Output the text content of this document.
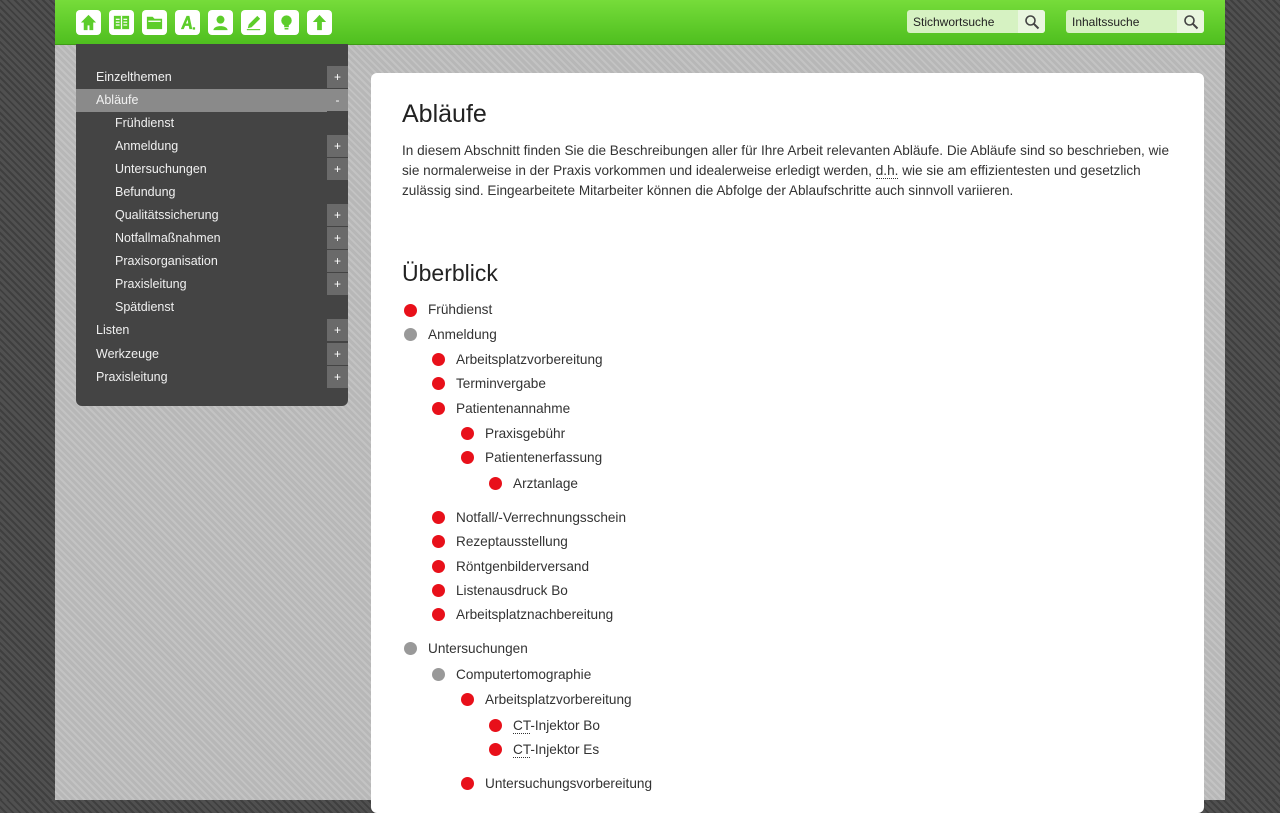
Stichwortsuche
Inhaltssuche
Einzelthemen	+
Abläufe	-
Frühdienst
Anmeldung	+
Untersuchungen	+
Befundung
Qualitätssicherung	+
Notfallmaßnahmen	+
Praxisorganisation	+
Praxisleitung	+
Spätdienst
Listen	+
Werkzeuge	+
Praxisleitung	+
Abläufe

In diesem Abschnitt finden Sie die Beschreibungen aller für Ihre Arbeit relevanten Abläufe. Die Abläufe sind so beschrieben, wie sie normalerweise in der Praxis vorkommen und idealerweise erledigt werden, d.h. wie sie am effizientesten und gesetzlich zulässig sind. Eingearbeitete Mitarbeiter können die Abfolge der Ablaufschritte auch sinnvoll variieren.

Überblick
Frühdienst
Anmeldung
Arbeitsplatzvorbereitung
Terminvergabe
Patientenannahme
Praxisgebühr
Patientenerfassung
Arztanlage
Notfall/-Verrechnungsschein
Rezeptausstellung
Röntgenbilderversand
Listenausdruck Bo
Arbeitsplatznachbereitung
Untersuchungen
Computertomographie
Arbeitsplatzvorbereitung
CT-Injektor Bo
CT-Injektor Es
Untersuchungsvorbereitung
